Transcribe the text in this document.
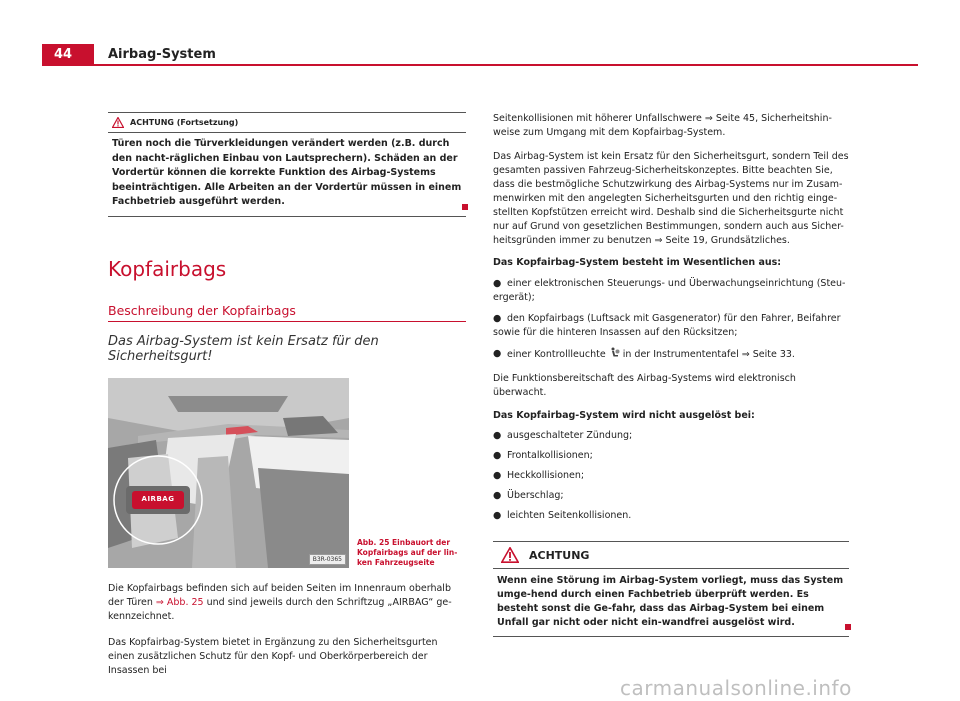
44	Airbag-System
ACHTUNG (Fortsetzung)
Türen noch die Türverkleidungen verändert werden (z.B. durch den nacht-räglichen Einbau von Lautsprechern). Schäden an der Vordertür können die korrekte Funktion des Airbag-Systems beeinträchtigen. Alle Arbeiten an der Vordertür müssen in einem Fachbetrieb ausgeführt werden.
Kopfairbags
Beschreibung der Kopfairbags
Das Airbag-System ist kein Ersatz für den Sicherheitsgurt!
AIRBAG
B3R-0365
Abb. 25 Einbauort der Kopfairbags auf der lin-ken Fahrzeugseite
Die Kopfairbags befinden sich auf beiden Seiten im Innenraum oberhalb der Türen ⇒ Abb. 25 und sind jeweils durch den Schriftzug „AIRBAG“ ge-kennzeichnet.
Das Kopfairbag-System bietet in Ergänzung zu den Sicherheitsgurten einen zusätzlichen Schutz für den Kopf- und Oberkörperbereich der Insassen bei
Seitenkollisionen mit höherer Unfallschwere ⇒ Seite 45, Sicherheitshin-weise zum Umgang mit dem Kopfairbag-System.
Das Airbag-System ist kein Ersatz für den Sicherheitsgurt, sondern Teil des gesamten passiven Fahrzeug-Sicherheitskonzeptes. Bitte beachten Sie, dass die bestmögliche Schutzwirkung des Airbag-Systems nur im Zusam-menwirken mit den angelegten Sicherheitsgurten und den richtig einge-stellten Kopfstützen erreicht wird. Deshalb sind die Sicherheitsgurte nicht nur auf Grund von gesetzlichen Bestimmungen, sondern auch aus Sicher-heitsgründen immer zu benutzen ⇒ Seite 19, Grundsätzliches.
Das Kopfairbag-System besteht im Wesentlichen aus:
● einer elektronischen Steuerungs- und Überwachungseinrichtung (Steu-ergerät);
● den Kopfairbags (Luftsack mit Gasgenerator) für den Fahrer, Beifahrer sowie für die hinteren Insassen auf den Rücksitzen;
● einer Kontrollleuchte  in der Instrumententafel ⇒ Seite 33.
Die Funktionsbereitschaft des Airbag-Systems wird elektronisch überwacht.
Das Kopfairbag-System wird nicht ausgelöst bei:
● ausgeschalteter Zündung;
● Frontalkollisionen;
● Heckkollisionen;
● Überschlag;
● leichten Seitenkollisionen.
ACHTUNG
Wenn eine Störung im Airbag-System vorliegt, muss das System umge-hend durch einen Fachbetrieb überprüft werden. Es besteht sonst die Ge-fahr, dass das Airbag-System bei einem Unfall gar nicht oder nicht ein-wandfrei ausgelöst wird.
carmanualsonline.info
